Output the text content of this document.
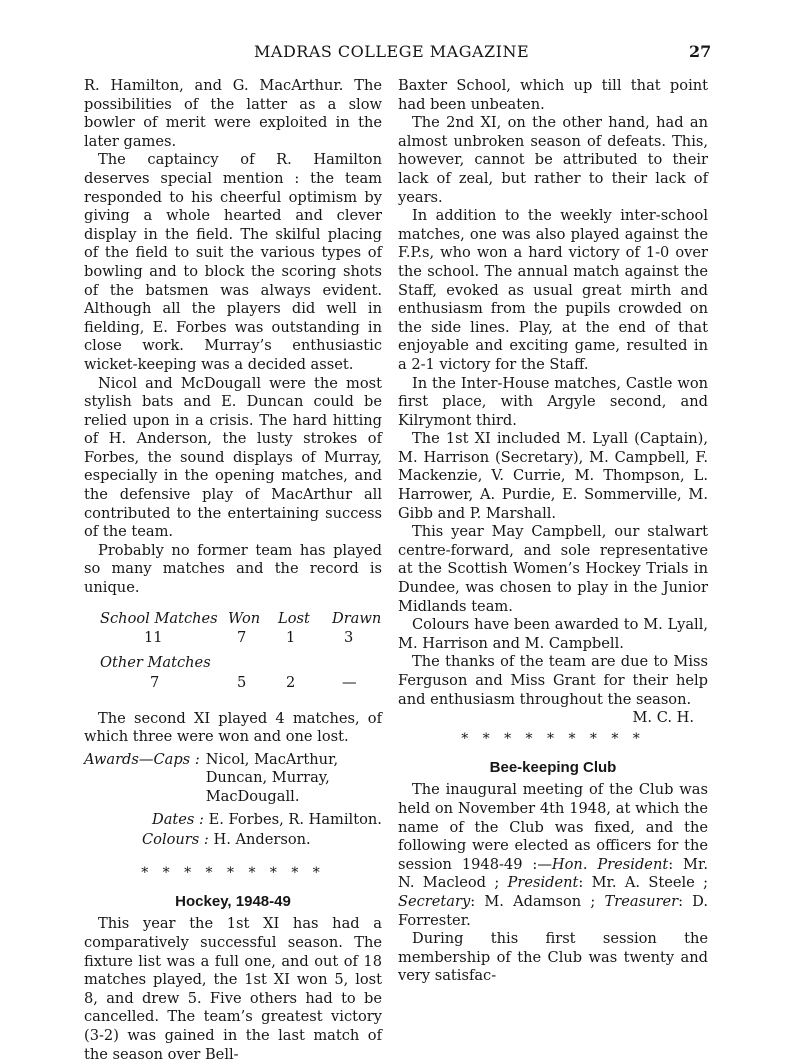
MADRAS COLLEGE MAGAZINE	27

R. Hamilton, and G. MacArthur. The possibilities of the latter as a slow bowler of merit were exploited in the later games.

The captaincy of R. Hamilton deserves special mention : the team responded to his cheerful optimism by giving a whole hearted and clever display in the field. The skilful placing of the field to suit the various types of bowling and to block the scoring shots of the batsmen was always evident. Although all the players did well in fielding, E. Forbes was outstanding in close work. Murray’s enthusiastic wicket-keeping was a decided asset.

Nicol and McDougall were the most stylish bats and E. Duncan could be relied upon in a crisis. The hard hitting of H. Anderson, the lusty strokes of Forbes, the sound displays of Murray, especially in the opening matches, and the defensive play of MacArthur all contributed to the entertaining success of the team.

Probably no former team has played so many matches and the record is unique.

School Matches Won Lost Drawn
11	7	1	3
Other Matches
7	5	2	—

The second XI played 4 matches, of which three were won and one lost.

Awards—Caps : Nicol, MacArthur, Duncan, Murray, MacDougall.
Dates : E. Forbes, R. Hamilton.
Colours : H. Anderson.
* * * * * * * * *
Hockey, 1948-49

This year the 1st XI has had a comparatively successful season. The fixture list was a full one, and out of 18 matches played, the 1st XI won 5, lost 8, and drew 5. Five others had to be cancelled. The team’s greatest victory (3-2) was gained in the last match of the season over Bell-

Baxter School, which up till that point had been unbeaten.

The 2nd XI, on the other hand, had an almost unbroken season of defeats. This, however, cannot be attributed to their lack of zeal, but rather to their lack of years.

In addition to the weekly inter-school matches, one was also played against the F.P.s, who won a hard victory of 1-0 over the school. The annual match against the Staff, evoked as usual great mirth and enthusiasm from the pupils crowded on the side lines. Play, at the end of that enjoyable and exciting game, resulted in a 2-1 victory for the Staff.

In the Inter-House matches, Castle won first place, with Argyle second, and Kilrymont third.

The 1st XI included M. Lyall (Captain), M. Harrison (Secretary), M. Campbell, F. Mackenzie, V. Currie, M. Thompson, L. Harrower, A. Purdie, E. Sommerville, M. Gibb and P. Marshall.

This year May Campbell, our stalwart centre-forward, and sole representative at the Scottish Women’s Hockey Trials in Dundee, was chosen to play in the Junior Midlands team.

Colours have been awarded to M. Lyall, M. Harrison and M. Campbell.

The thanks of the team are due to Miss Ferguson and Miss Grant for their help and enthusiasm throughout the season.

M. C. H.

* * * * * * * * *
Bee-keeping Club

The inaugural meeting of the Club was held on November 4th 1948, at which the name of the Club was fixed, and the following were elected as officers for the session 1948-49 :—Hon. President: Mr. N. Macleod ; President: Mr. A. Steele ; Secretary: M. Adamson ; Treasurer: D. Forrester.

During this first session the membership of the Club was twenty and very satisfac-
